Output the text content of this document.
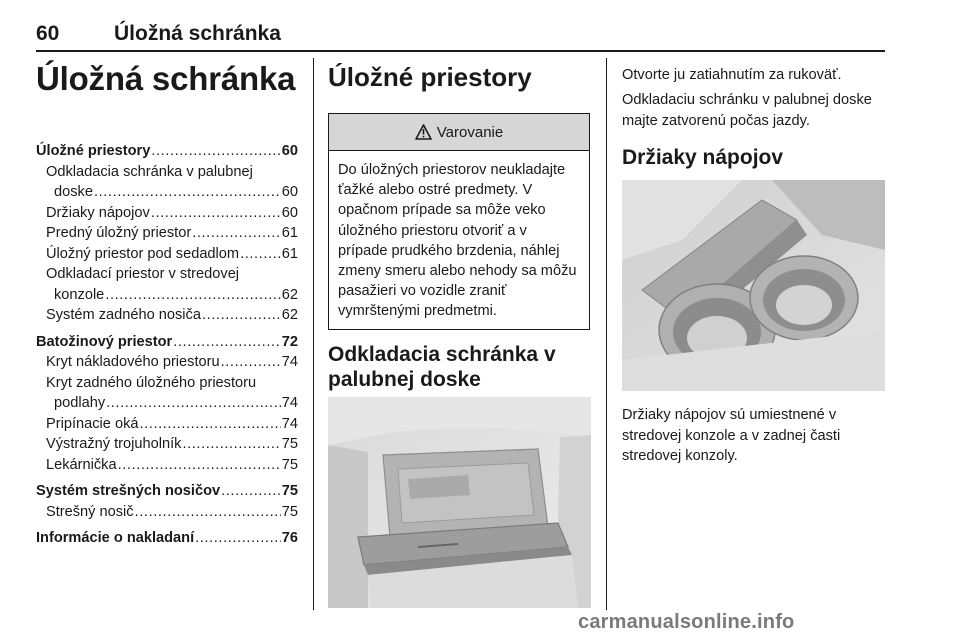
60	Úložná schránka
Úložná schránka
Úložné priestory .....	60
Odkladacia schránka v palubnej
doske .....	60
Držiaky nápojov .....	60
Predný úložný priestor .....	61
Úložný priestor pod sedadlom .....	61
Odkladací priestor v stredovej
konzole .....	62
Systém zadného nosiča .....	62
Batožinový priestor .....	72
Kryt nákladového priestoru .....	74
Kryt zadného úložného priestoru
podlahy .....	74
Pripínacie oká .....	74
Výstražný trojuholník .....	75
Lekárnička .....	75
Systém strešných nosičov .....	75
Strešný nosič .....	75
Informácie o nakladaní .....	76
Úložné priestory
Varovanie
Do úložných priestorov neukladajte ťažké alebo ostré predmety. V opačnom prípade sa môže veko úložného priestoru otvoriť a v prípade prudkého brzdenia, náhlej zmeny smeru alebo nehody sa môžu pasažieri vo vozidle zraniť vymrštenými predmetmi.
Odkladacia schránka v palubnej doske
Otvorte ju zatiahnutím za rukoväť.
Odkladaciu schránku v palubnej doske majte zatvorenú počas jazdy.
Držiaky nápojov
Držiaky nápojov sú umiestnené v stredovej konzole a v zadnej časti stredovej konzoly.
carmanualsonline.info
